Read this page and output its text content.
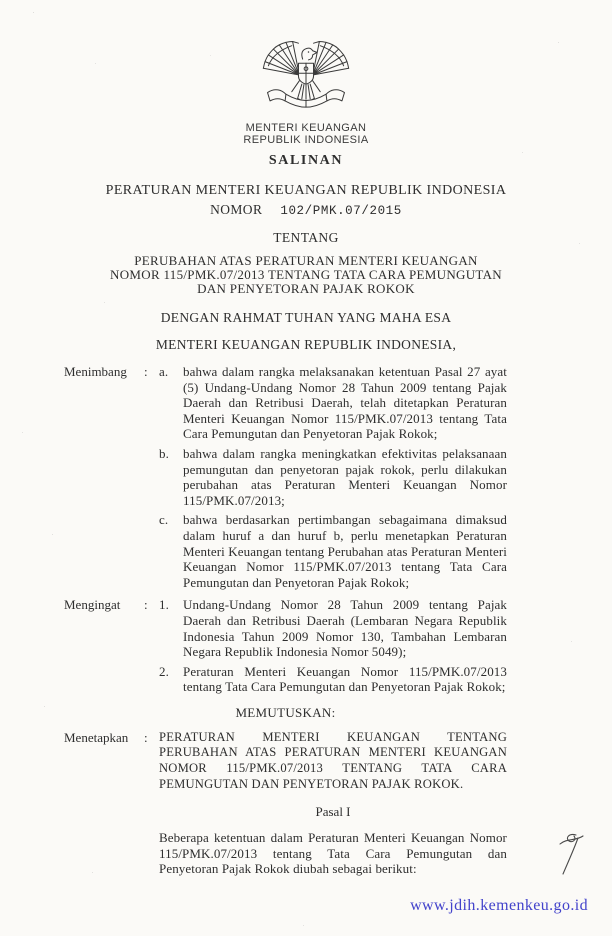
MENTERI KEUANGAN
REPUBLIK INDONESIA
SALINAN
PERATURAN MENTERI KEUANGAN REPUBLIK INDONESIA
NOMOR 102/PMK.07/2015
TENTANG
PERUBAHAN ATAS PERATURAN MENTERI KEUANGAN
NOMOR 115/PMK.07/2013 TENTANG TATA CARA PEMUNGUTAN
DAN PENYETORAN PAJAK ROKOK
DENGAN RAHMAT TUHAN YANG MAHA ESA
MENTERI KEUANGAN REPUBLIK INDONESIA,
Menimbang	: a.	bahwa dalam rangka melaksanakan ketentuan Pasal 27 ayat (5) Undang-Undang Nomor 28 Tahun 2009 tentang Pajak Daerah dan Retribusi Daerah, telah ditetapkan Peraturan Menteri Keuangan Nomor 115/PMK.07/2013 tentang Tata Cara Pemungutan dan Penyetoran Pajak Rokok;
b.	bahwa dalam rangka meningkatkan efektivitas pelaksanaan pemungutan dan penyetoran pajak rokok, perlu dilakukan perubahan atas Peraturan Menteri Keuangan Nomor 115/PMK.07/2013;
c.	bahwa berdasarkan pertimbangan sebagaimana dimaksud dalam huruf a dan huruf b, perlu menetapkan Peraturan Menteri Keuangan tentang Perubahan atas Peraturan Menteri Keuangan Nomor 115/PMK.07/2013 tentang Tata Cara Pemungutan dan Penyetoran Pajak Rokok;
Mengingat	: 1.	Undang-Undang Nomor 28 Tahun 2009 tentang Pajak Daerah dan Retribusi Daerah (Lembaran Negara Republik Indonesia Tahun 2009 Nomor 130, Tambahan Lembaran Negara Republik Indonesia Nomor 5049);
2.	Peraturan Menteri Keuangan Nomor 115/PMK.07/2013 tentang Tata Cara Pemungutan dan Penyetoran Pajak Rokok;
MEMUTUSKAN:
Menetapkan	: PERATURAN MENTERI KEUANGAN TENTANG PERUBAHAN ATAS PERATURAN MENTERI KEUANGAN NOMOR 115/PMK.07/2013 TENTANG TATA CARA PEMUNGUTAN DAN PENYETORAN PAJAK ROKOK.
Pasal I
Beberapa ketentuan dalam Peraturan Menteri Keuangan Nomor 115/PMK.07/2013 tentang Tata Cara Pemungutan dan Penyetoran Pajak Rokok diubah sebagai berikut:
www.jdih.kemenkeu.go.id
